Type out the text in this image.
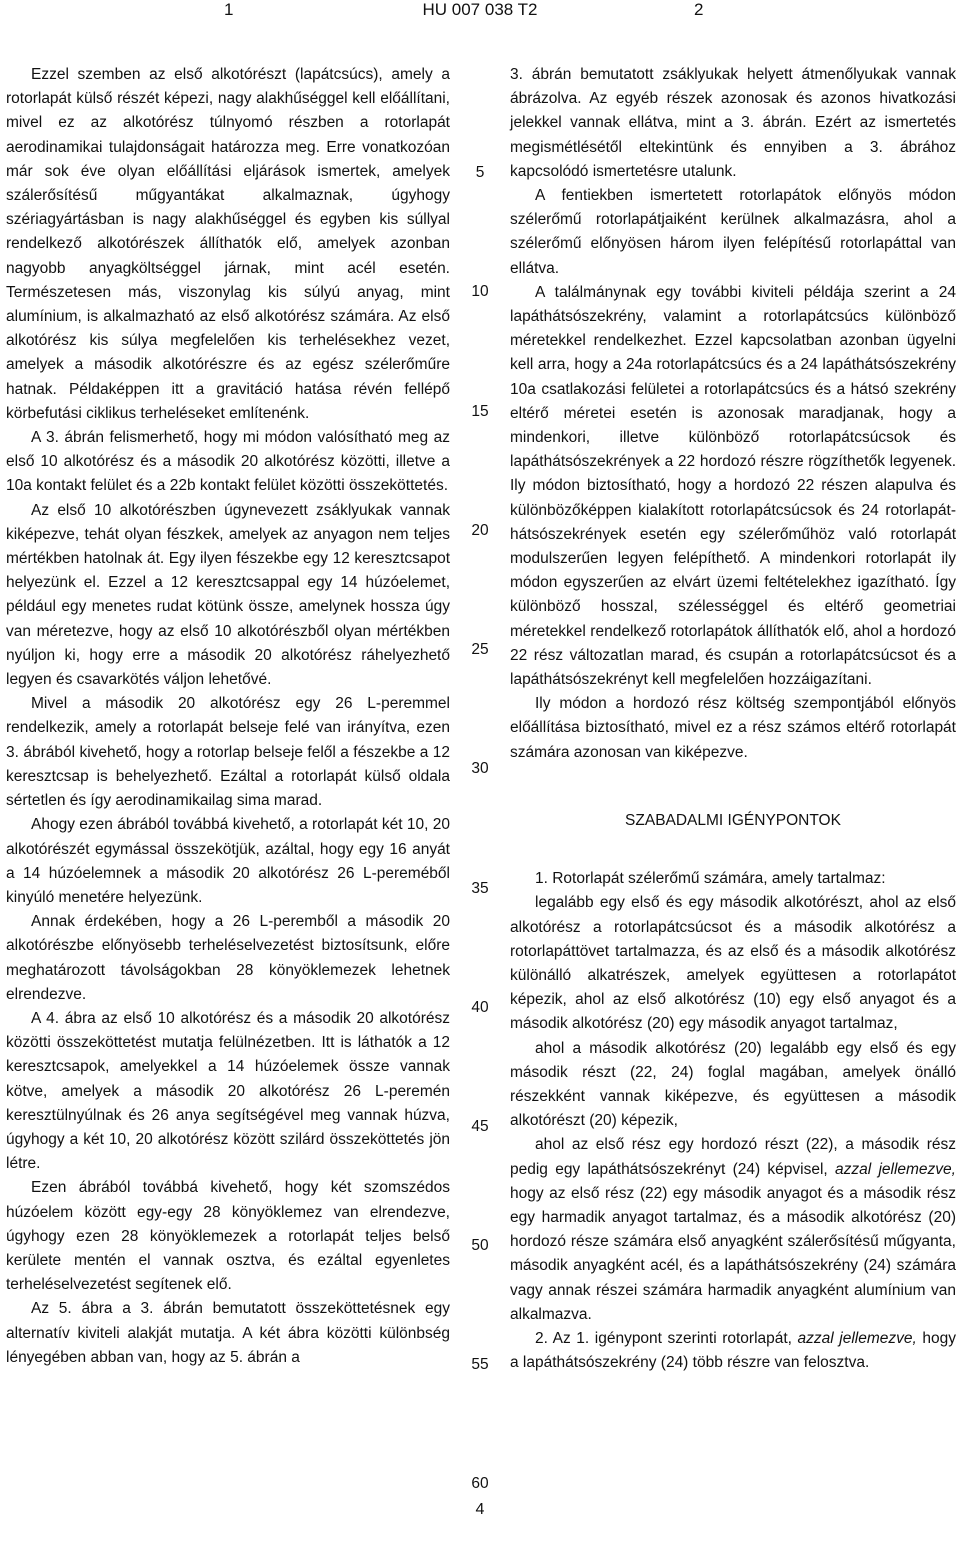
1	HU 007 038 T2	2

Ezzel szemben az első alkotórészt (lapátcsúcs), amely a rotorlapát külső részét képezi, nagy alakhűséggel kell előállítani, mivel ez az alkotórész túlnyomó részben a rotorlapát aerodinamikai tulajdonságait határozza meg. Erre vonatkozóan már sok éve olyan előállítási eljárások ismertek, amelyek szálerősítésű műgyantákat alkalmaznak, úgyhogy szériagyártásban is nagy alakhűséggel és egyben kis súllyal rendelkező alkotórészek állíthatók elő, amelyek azonban nagyobb anyagköltséggel járnak, mint acél esetén. Természetesen más, viszonylag kis súlyú anyag, mint alumínium, is alkalmazható az első alkotórész számára. Az első alkotórész kis súlya megfelelően kis terhelésekhez vezet, amelyek a második alkotórészre és az egész szélerőműre hatnak. Példaképpen itt a gravitáció hatása révén fellépő körbefutási ciklikus terheléseket említenénk.

A 3. ábrán felismerhető, hogy mi módon valósítható meg az első 10 alkotórész és a második 20 alkotórész közötti, illetve a 10a kontakt felület és a 22b kontakt felület közötti összeköttetés.

Az első 10 alkotórészben úgynevezett zsáklyukak vannak kiképezve, tehát olyan fészkek, amelyek az anyagon nem teljes mértékben hatolnak át. Egy ilyen fészekbe egy 12 keresztcsapot helyezünk el. Ezzel a 12 keresztcsappal egy 14 húzóelemet, például egy menetes rudat kötünk össze, amelynek hossza úgy van méretezve, hogy az első 10 alkotórészből olyan mértékben nyúljon ki, hogy erre a második 20 alkotórész ráhelyezhető legyen és csavarkötés váljon lehetővé.

Mivel a második 20 alkotórész egy 26 L-peremmel rendelkezik, amely a rotorlapát belseje felé van irányítva, ezen 3. ábrából kivehető, hogy a rotorlap belseje felől a fészekbe a 12 keresztcsap is behelyezhető. Ezáltal a rotorlapát külső oldala sértetlen és így aerodinamikailag sima marad.

Ahogy ezen ábrából továbbá kivehető, a rotorlapát két 10, 20 alkotórészét egymással összekötjük, azáltal, hogy egy 16 anyát a 14 húzóelemnek a második 20 alkotórész 26 L-pereméből kinyúló menetére helyezünk.

Annak érdekében, hogy a 26 L-peremből a második 20 alkotórészbe előnyösebb terheléselvezetést biztosítsunk, előre meghatározott távolságokban 28 könyöklemezek lehetnek elrendezve.

A 4. ábra az első 10 alkotórész és a második 20 alkotórész közötti összeköttetést mutatja felülnézetben. Itt is láthatók a 12 keresztcsapok, amelyekkel a 14 húzóelemek össze vannak kötve, amelyek a második 20 alkotórész 26 L-peremén keresztülnyúlnak és 26 anya segítségével meg vannak húzva, úgyhogy a két 10, 20 alkotórész között szilárd összeköttetés jön létre.

Ezen ábrából továbbá kivehető, hogy két szomszédos húzóelem között egy-egy 28 könyöklemez van elrendezve, úgyhogy ezen 28 könyöklemezek a rotorlapát teljes belső kerülete mentén el vannak osztva, és ezáltal egyenletes terheléselvezetést segítenek elő.

Az 5. ábra a 3. ábrán bemutatott összeköttetésnek egy alternatív kiviteli alakját mutatja. A két ábra közötti különbség lényegében abban van, hogy az 5. ábrán a

5
10
15
20
25
30
35
40
45
50
55
60

3. ábrán bemutatott zsáklyukak helyett átmenőlyukak vannak ábrázolva. Az egyéb részek azonosak és azonos hivatkozási jelekkel vannak ellátva, mint a 3. ábrán. Ezért az ismertetés megismétlésétől eltekintünk és ennyiben a 3. ábrához kapcsolódó ismertetésre utalunk.

A fentiekben ismertetett rotorlapátok előnyös módon szélerőmű rotorlapátjaiként kerülnek alkalmazásra, ahol a szélerőmű előnyösen három ilyen felépítésű rotorlapáttal van ellátva.

A találmánynak egy további kiviteli példája szerint a 24 lapáthátsószekrény, valamint a rotorlapátcsúcs különböző méretekkel rendelkezhet. Ezzel kapcsolatban azonban ügyelni kell arra, hogy a 24a rotorlapátcsúcs és a 24 lapáthátsószekrény 10a csatlakozási felületei a rotorlapátcsúcs és a hátsó szekrény eltérő méretei esetén is azonosak maradjanak, hogy a mindenkori, illetve különböző rotorlapátcsúcsok és lapáthátsószekrények a 22 hordozó részre rögzíthetők legyenek. Ily módon biztosítható, hogy a hordozó 22 részen alapulva és különbözőképpen kialakított rotorlapátcsúcsok és 24 rotorlapát-hátsószekrények esetén egy szélerőműhöz való rotorlapát modulszerűen legyen felépíthető. A mindenkori rotorlapát ily módon egyszerűen az elvárt üzemi feltételekhez igazítható. Így különböző hosszal, szélességgel és eltérő geometriai méretekkel rendelkező rotorlapátok állíthatók elő, ahol a hordozó 22 rész változatlan marad, és csupán a rotorlapátcsúcsot és a lapáthátsószekrényt kell megfelelően hozzáigazítani.

Ily módon a hordozó rész költség szempontjából előnyös előállítása biztosítható, mivel ez a rész számos eltérő rotorlapát számára azonosan van kiképezve.

SZABADALMI IGÉNYPONTOK

1. Rotorlapát szélerőmű számára, amely tartalmaz:

legalább egy első és egy második alkotórészt, ahol az első alkotórész a rotorlapátcsúcsot és a második alkotórész a rotorlapáttövet tartalmazza, és az első és a második alkotórész különálló alkatrészek, amelyek együttesen a rotorlapátot képezik, ahol az első alkotórész (10) egy első anyagot és a második alkotórész (20) egy második anyagot tartalmaz,

ahol a második alkotórész (20) legalább egy első és egy második részt (22, 24) foglal magában, amelyek önálló részekként vannak kiképezve, és együttesen a második alkotórészt (20) képezik,

ahol az első rész egy hordozó részt (22), a második rész pedig egy lapáthátsószekrényt (24) képvisel, azzal jellemezve, hogy az első rész (22) egy második anyagot és a második rész egy harmadik anyagot tartalmaz, és a második alkotórész (20) hordozó része számára első anyagként szálerősítésű műgyanta, második anyagként acél, és a lapáthátsószekrény (24) számára vagy annak részei számára harmadik anyagként alumínium van alkalmazva.

2. Az 1. igénypont szerinti rotorlapát, azzal jellemezve, hogy a lapáthátsószekrény (24) több részre van felosztva.

4
